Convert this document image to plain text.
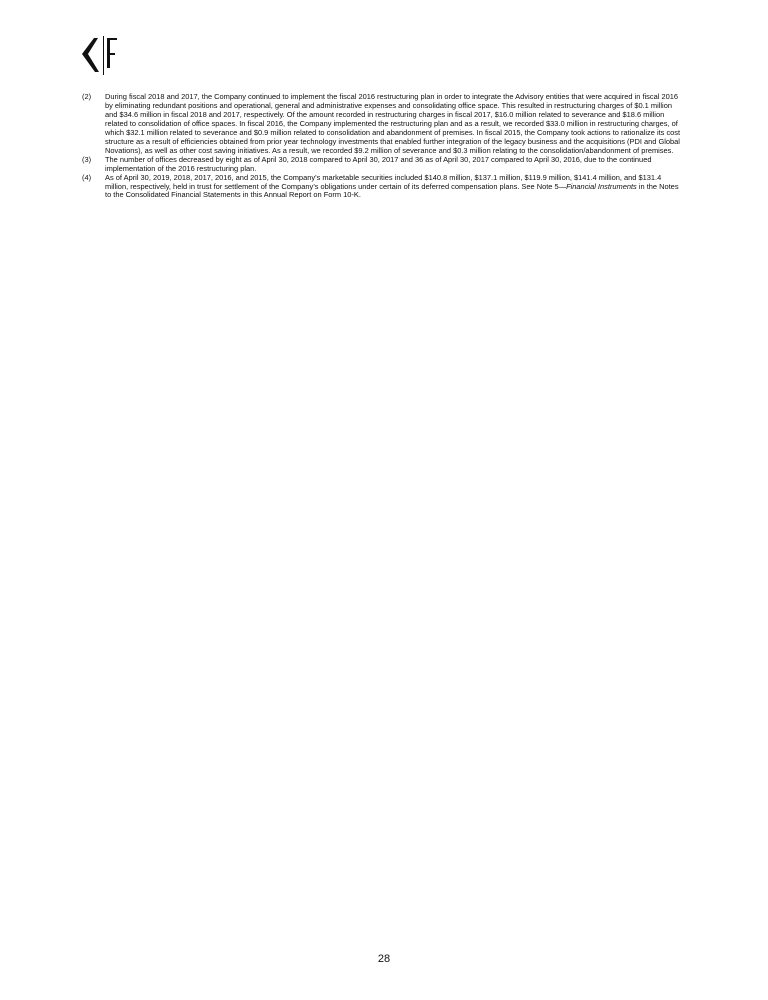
(2)	During fiscal 2018 and 2017, the Company continued to implement the fiscal 2016 restructuring plan in order to integrate the Advisory entities that were acquired in fiscal 2016 by eliminating redundant positions and operational, general and administrative expenses and consolidating office space. This resulted in restructuring charges of $0.1 million and $34.6 million in fiscal 2018 and 2017, respectively. Of the amount recorded in restructuring charges in fiscal 2017, $16.0 million related to severance and $18.6 million related to consolidation of office spaces. In fiscal 2016, the Company implemented the restructuring plan and as a result, we recorded $33.0 million in restructuring charges, of which $32.1 million related to severance and $0.9 million related to consolidation and abandonment of premises. In fiscal 2015, the Company took actions to rationalize its cost structure as a result of efficiencies obtained from prior year technology investments that enabled further integration of the legacy business and the acquisitions (PDI and Global Novations), as well as other cost saving initiatives. As a result, we recorded $9.2 million of severance and $0.3 million relating to the consolidation/abandonment of premises.
(3)	The number of offices decreased by eight as of April 30, 2018 compared to April 30, 2017 and 36 as of April 30, 2017 compared to April 30, 2016, due to the continued implementation of the 2016 restructuring plan.
(4)	As of April 30, 2019, 2018, 2017, 2016, and 2015, the Company’s marketable securities included $140.8 million, $137.1 million, $119.9 million, $141.4 million, and $131.4 million, respectively, held in trust for settlement of the Company’s obligations under certain of its deferred compensation plans. See Note 5—Financial Instruments in the Notes to the Consolidated Financial Statements in this Annual Report on Form 10-K.
28
